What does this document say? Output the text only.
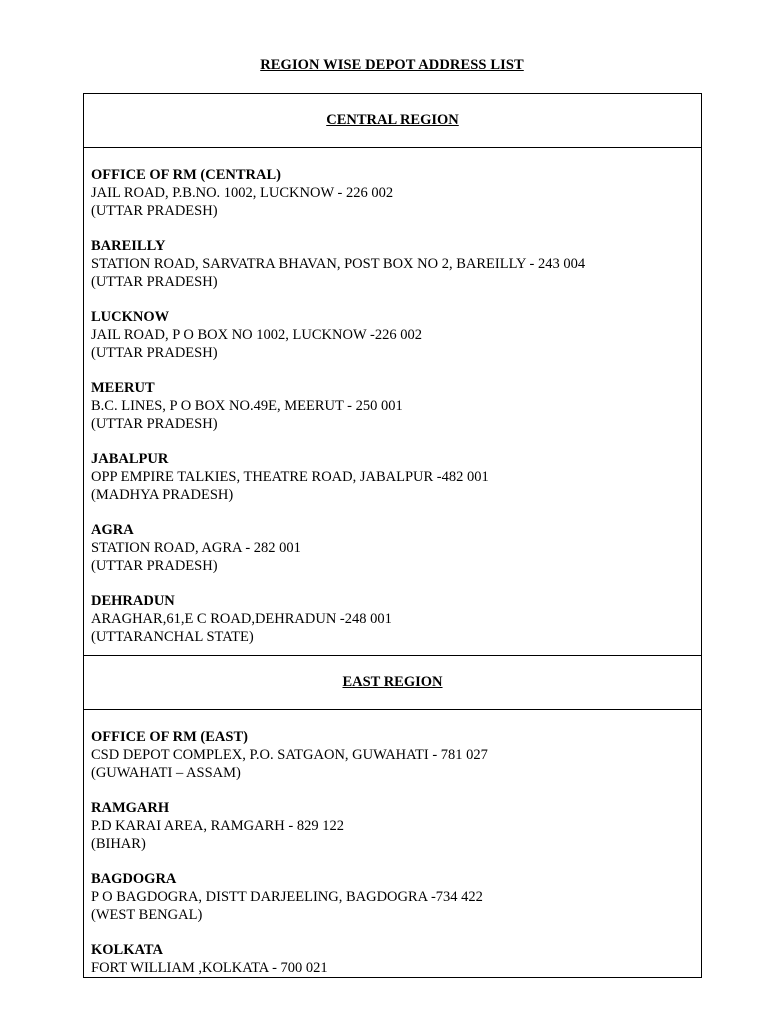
REGION WISE DEPOT ADDRESS LIST
CENTRAL REGION
OFFICE OF RM (CENTRAL)
JAIL ROAD, P.B.NO. 1002, LUCKNOW - 226 002
(UTTAR PRADESH)
BAREILLY
STATION ROAD, SARVATRA BHAVAN, POST BOX NO 2, BAREILLY - 243 004
(UTTAR PRADESH)
LUCKNOW
JAIL ROAD, P O BOX NO 1002, LUCKNOW -226 002
(UTTAR PRADESH)
MEERUT
B.C. LINES, P O BOX NO.49E, MEERUT - 250 001
(UTTAR PRADESH)
JABALPUR
OPP EMPIRE TALKIES, THEATRE ROAD, JABALPUR -482 001
(MADHYA PRADESH)
AGRA
STATION ROAD, AGRA - 282 001
(UTTAR PRADESH)
DEHRADUN
ARAGHAR,61,E C ROAD,DEHRADUN -248 001
(UTTARANCHAL STATE)
EAST REGION
OFFICE OF RM (EAST)
CSD DEPOT COMPLEX, P.O. SATGAON, GUWAHATI - 781 027
(GUWAHATI – ASSAM)
RAMGARH
P.D KARAI AREA, RAMGARH - 829 122
(BIHAR)
BAGDOGRA
P O BAGDOGRA, DISTT DARJEELING, BAGDOGRA -734 422
(WEST BENGAL)
KOLKATA
FORT WILLIAM ,KOLKATA - 700 021
